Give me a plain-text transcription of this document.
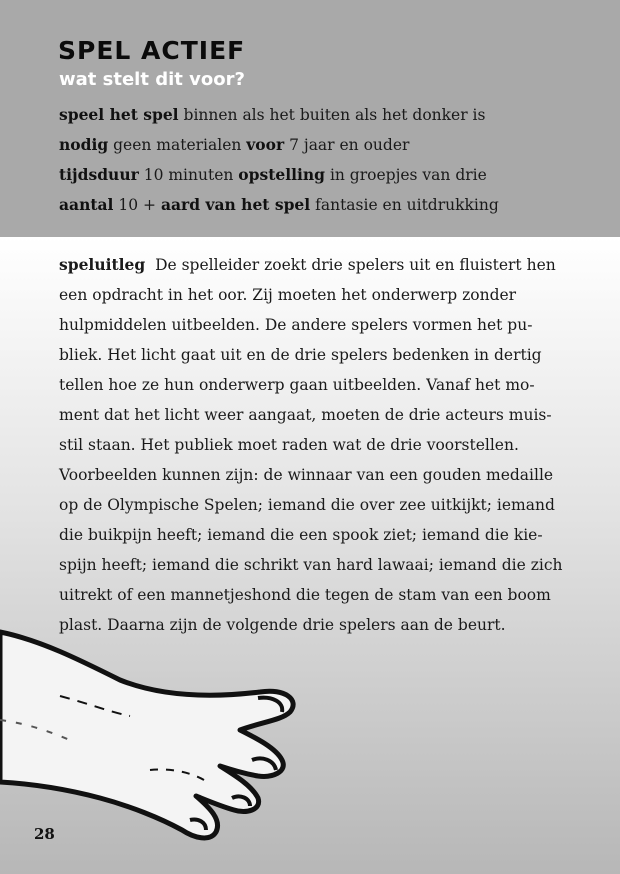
SPEL ACTIEF
wat stelt dit voor?
speel het spel binnen als het buiten als het donker is
nodig geen materialen voor 7 jaar en ouder
tijdsduur 10 minuten opstelling in groepjes van drie
aantal 10 + aard van het spel fantasie en uitdrukking
speluitleg De spelleider zoekt drie spelers uit en fluistert hen
een opdracht in het oor. Zij moeten het onderwerp zonder
hulpmiddelen uitbeelden. De andere spelers vormen het pu-
bliek. Het licht gaat uit en de drie spelers bedenken in dertig
tellen hoe ze hun onderwerp gaan uitbeelden. Vanaf het mo-
ment dat het licht weer aangaat, moeten de drie acteurs muis-
stil staan. Het publiek moet raden wat de drie voorstellen.
Voorbeelden kunnen zijn: de winnaar van een gouden medaille
op de Olympische Spelen; iemand die over zee uitkijkt; iemand
die buikpijn heeft; iemand die een spook ziet; iemand die kie-
spijn heeft; iemand die schrikt van hard lawaai; iemand die zich
uitrekt of een mannetjeshond die tegen de stam van een boom
plast. Daarna zijn de volgende drie spelers aan de beurt.
28
